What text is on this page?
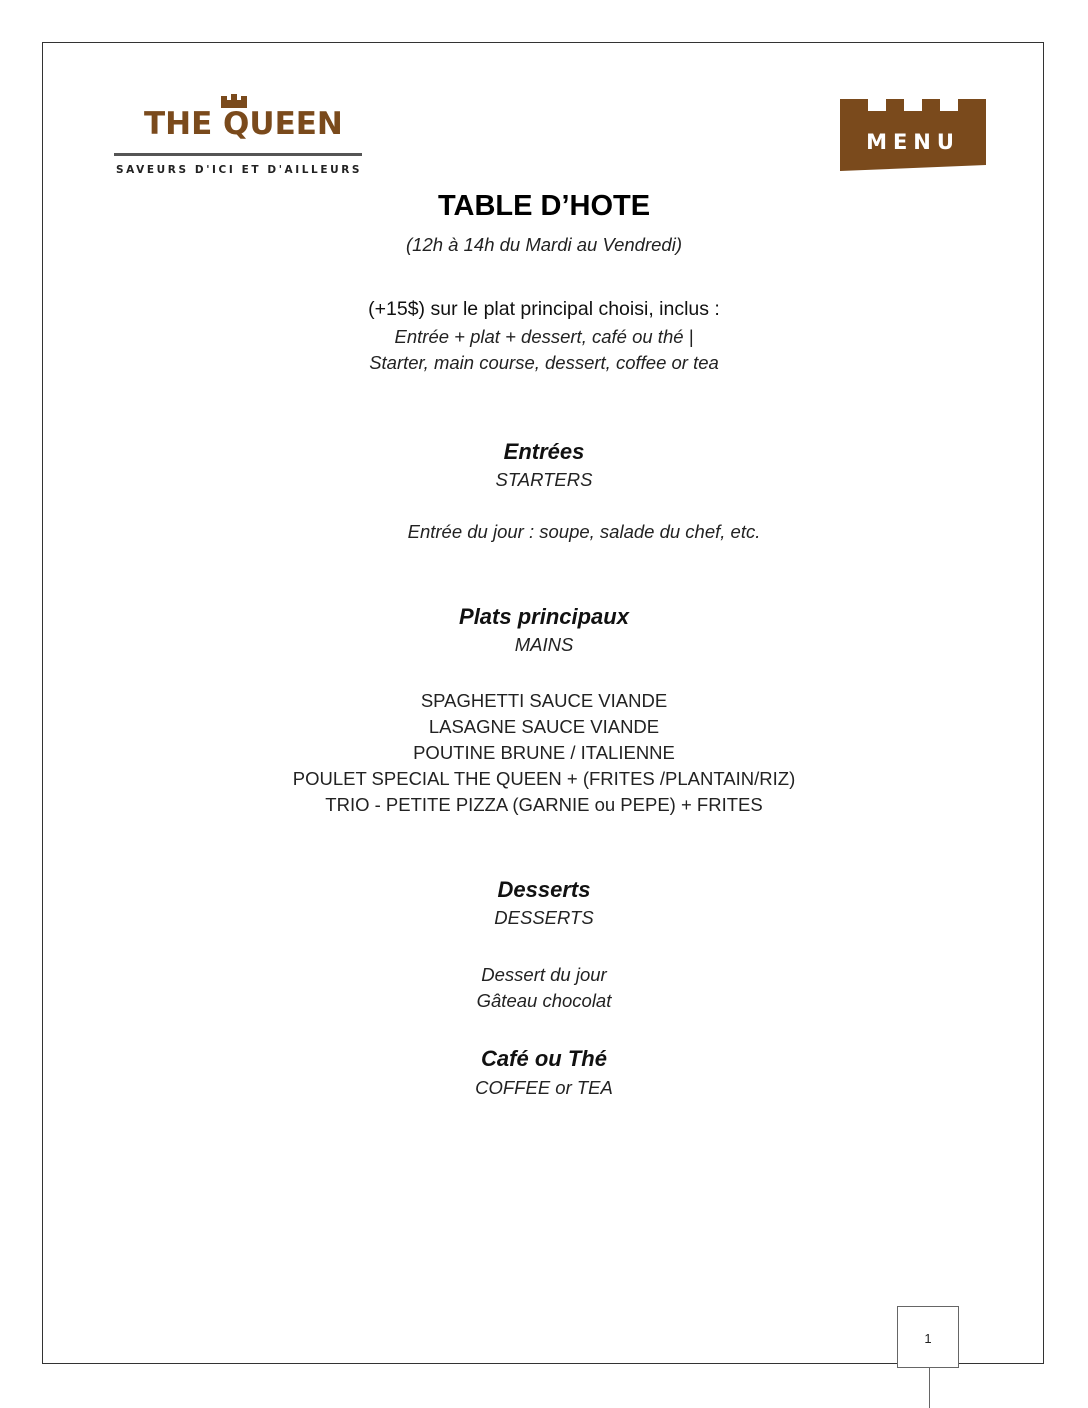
THE QUEEN
SAVEURS D'ICI ET D'AILLEURS
MENU
TABLE D’HOTE
(12h à 14h du Mardi au Vendredi)
(+15$) sur le plat principal choisi, inclus :
Entrée + plat + dessert, café ou thé |
Starter, main course, dessert, coffee or tea
Entrées
STARTERS
Entrée du jour : soupe, salade du chef, etc.
Plats principaux
MAINS
SPAGHETTI SAUCE VIANDE
LASAGNE SAUCE VIANDE
POUTINE BRUNE / ITALIENNE
POULET SPECIAL THE QUEEN + (FRITES /PLANTAIN/RIZ)
TRIO - PETITE PIZZA (GARNIE ou PEPE) + FRITES
Desserts
DESSERTS
Dessert du jour
Gâteau chocolat
Café ou Thé
COFFEE or TEA
1
